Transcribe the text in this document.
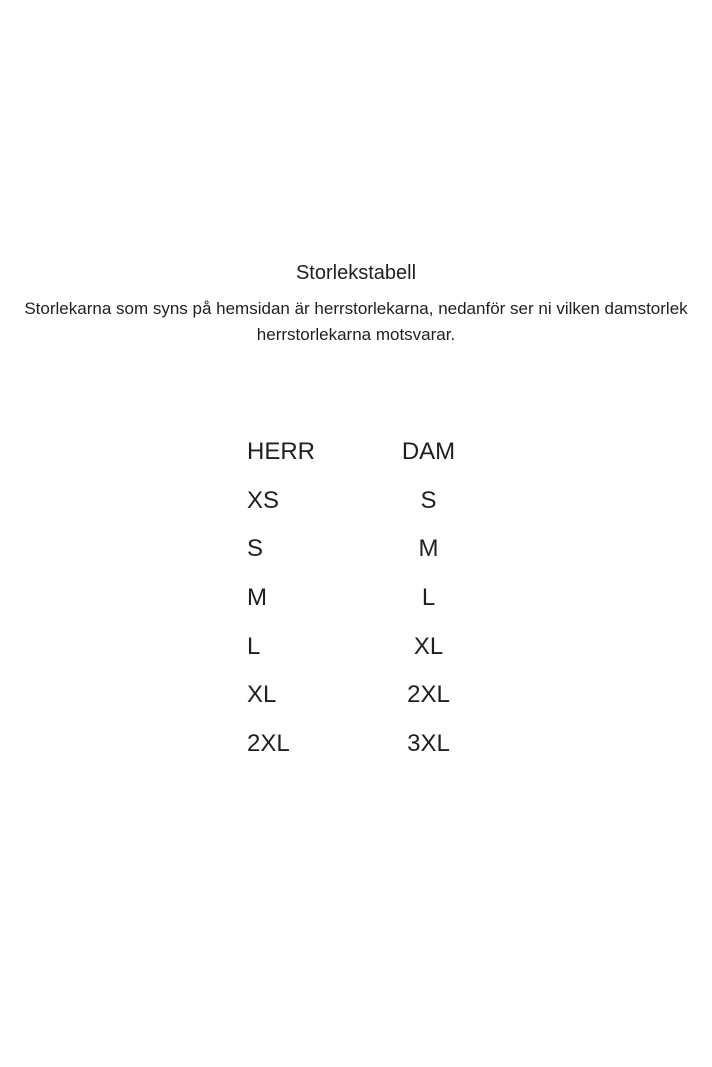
Storlekstabell
Storlekarna som syns på hemsidan är herrstorlekarna, nedanför ser ni vilken damstorlek
herrstorlekarna motsvarar.
HERR	DAM
XS	S
S	M
M	L
L	XL
XL	2XL
2XL	3XL
